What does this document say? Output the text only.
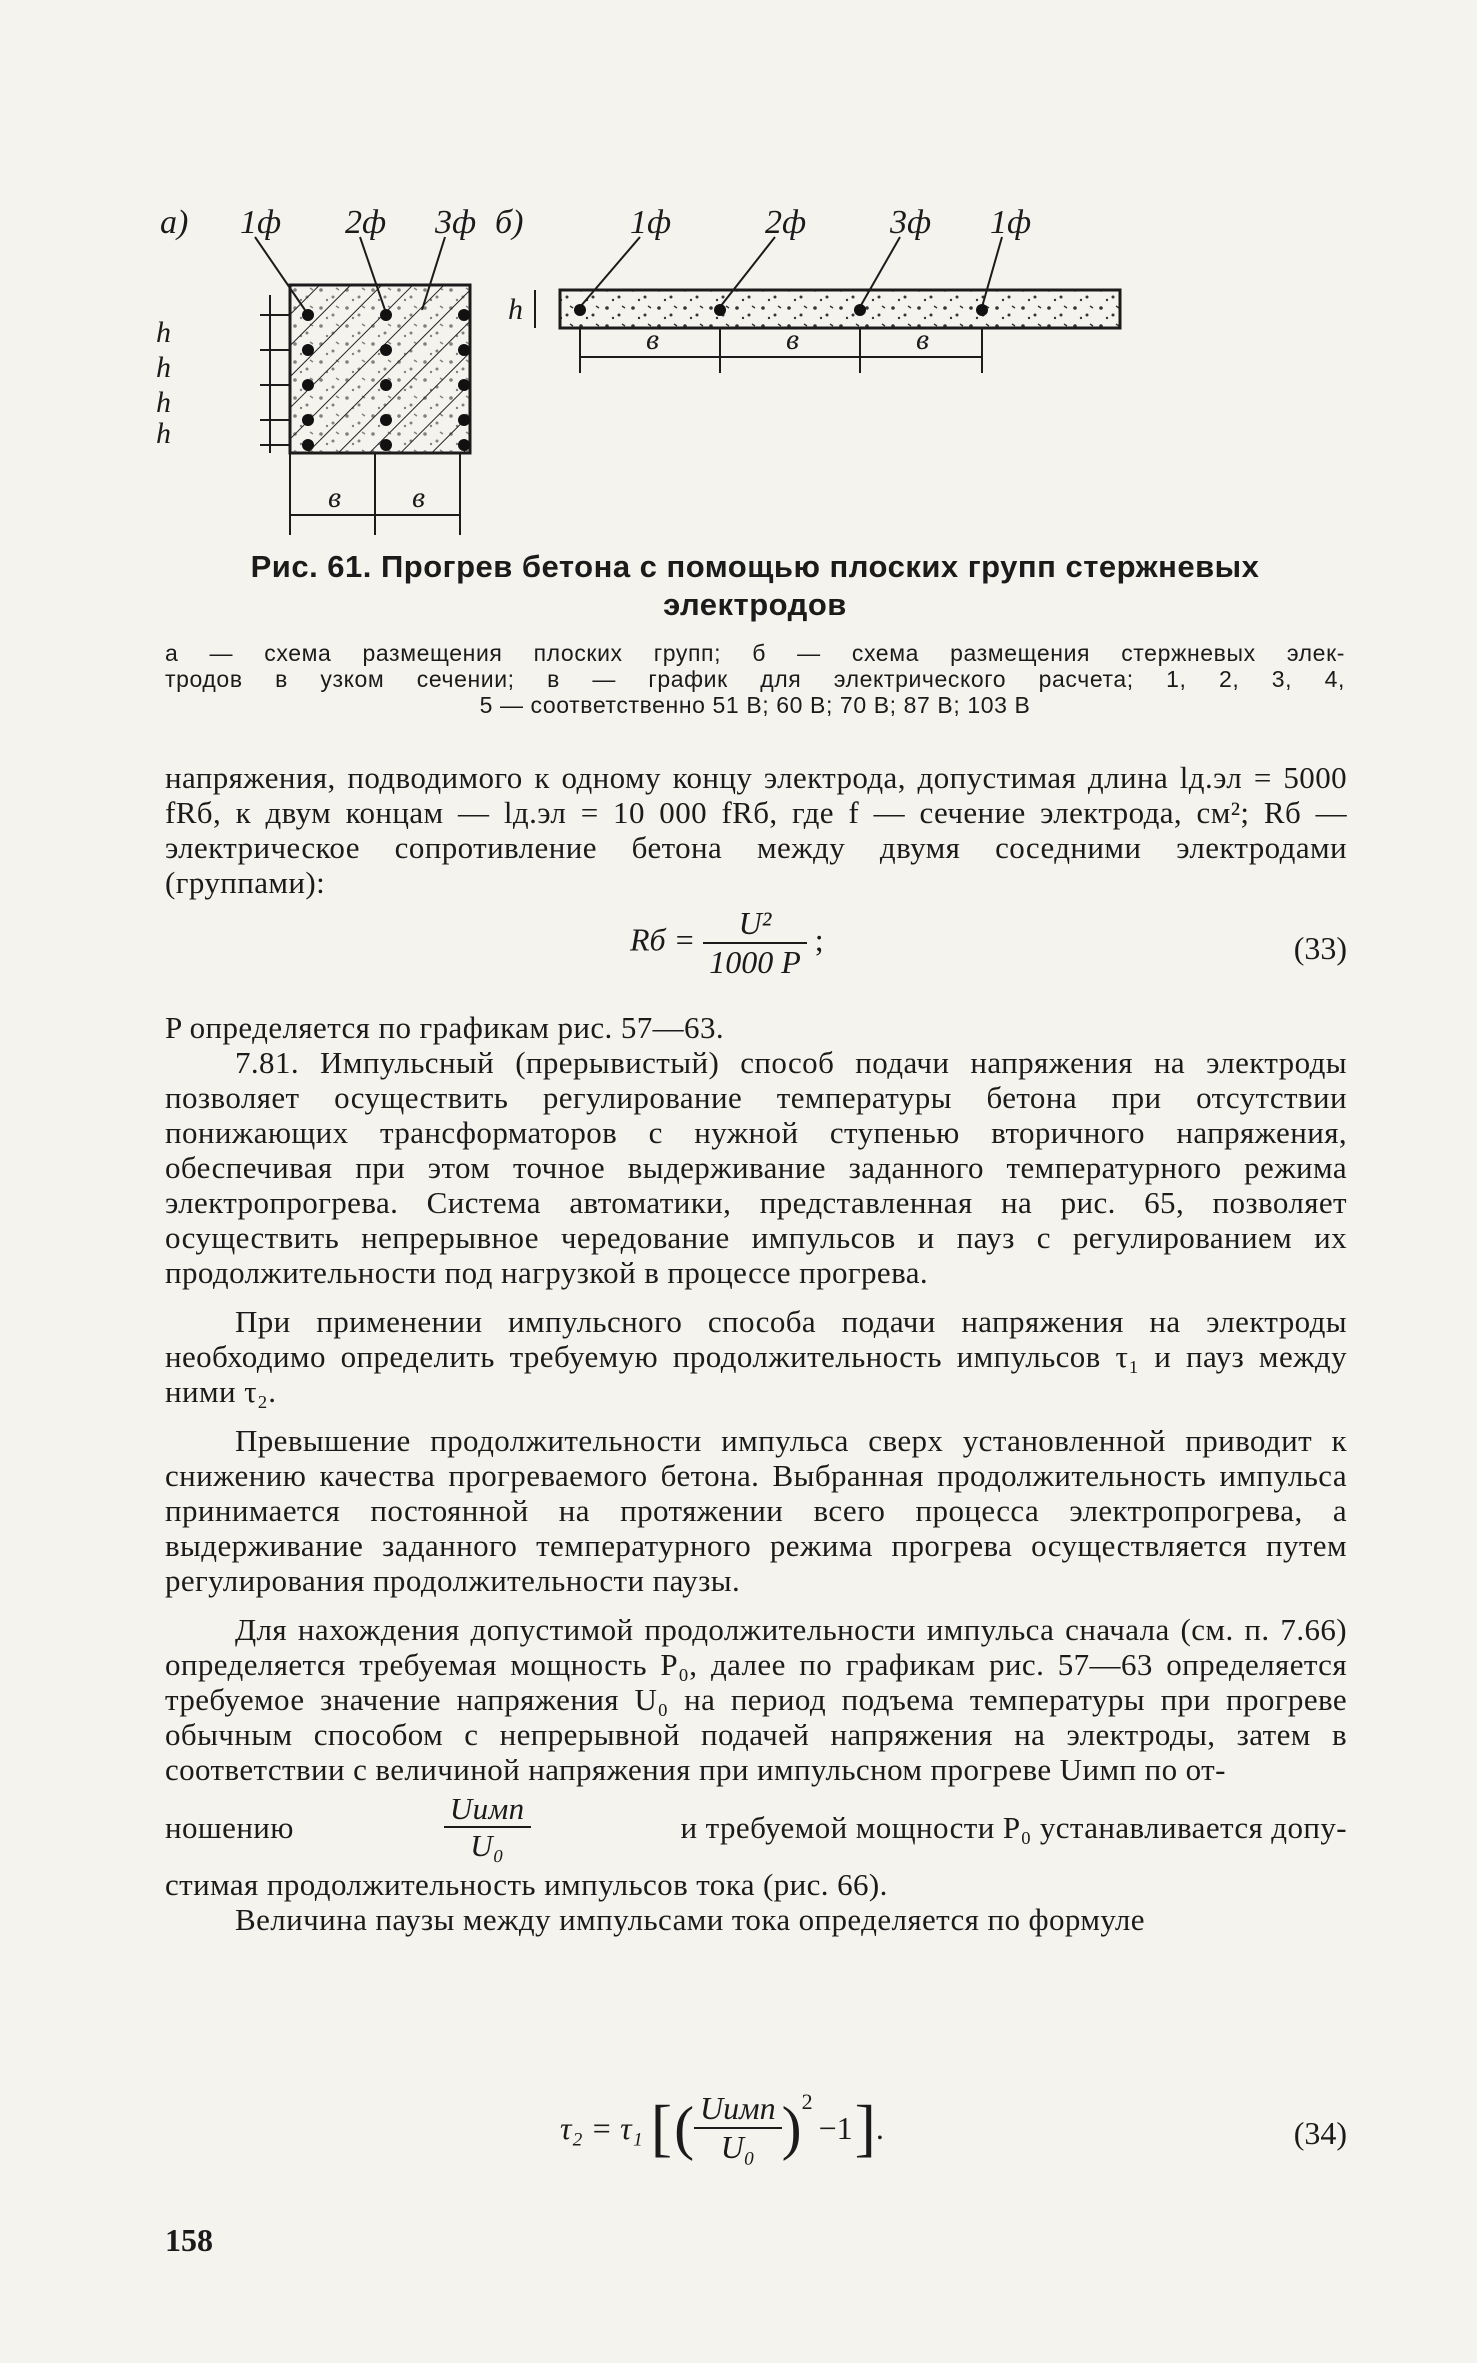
а) 1ф 2ф 3ф
h
h
h
h
в в
б)	1ф	2ф 3ф 1ф
h
в	в	в
Рис. 61. Прогрев бетона с помощью плоских групп стержневых
электродов
а — схема размещения плоских групп; б — схема размещения стержневых элек-
тродов в узком сечении; в — график для электрического расчета; 1, 2, 3, 4,
5 — соответственно 51 В; 60 В; 70 В; 87 В; 103 В

напряжения, подводимого к одному концу электрода, допустимая длина lд.эл = 5000 fRб, к двум концам — lд.эл = 10 000 fRб, где f — сечение электрода, см²; Rб — электрическое сопротивление бетона между двумя соседними электродами (группами):

Rб = $\frac{\text{U²}}{1000 P}$ ;	(33)

P определяется по графикам рис. 57—63.

7.81. Импульсный (прерывистый) способ подачи напряжения на электроды позволяет осуществить регулирование температуры бетона при отсутствии понижающих трансформаторов с нужной ступенью вторичного напряжения, обеспечивая при этом точное выдерживание заданного температурного режима электропрогрева. Система автоматики, представленная на рис. 65, позволяет осуществить непрерывное чередование импульсов и пауз с регулированием их продолжительности под нагрузкой в процессе прогрева.

При применении импульсного способа подачи напряжения на электроды необходимо определить требуемую продолжительность импульсов τ₁ и пауз между ними τ₂.

Превышение продолжительности импульса сверх установленной приводит к снижению качества прогреваемого бетона. Выбранная продолжительность импульса принимается постоянной на протяжении всего процесса электропрогрева, а выдерживание заданного температурного режима прогрева осуществляется путем регулирования продолжительности паузы.

Для нахождения допустимой продолжительности импульса сначала (см. п. 7.66) определяется требуемая мощность P₀, далее по графикам рис. 57—63 определяется требуемое значение напряжения U₀ на период подъема температуры при прогреве обычным способом с непрерывной подачей напряжения на электроды, затем в соответствии с величиной напряжения при импульсном прогреве Uимп по от-

ношению	$\frac{\text{Uимп}}{\text{U₀}}$	и требуемой мощности P₀ устанавливается допу-

стимая продолжительность импульсов тока (рис. 66).

Величина паузы между импульсами тока определяется по формуле

τ₂ = τ₁ [ ( $\frac{\text{Uимп}}{\text{U₀}}$ ) 2
−1 ] .	(34)
158
